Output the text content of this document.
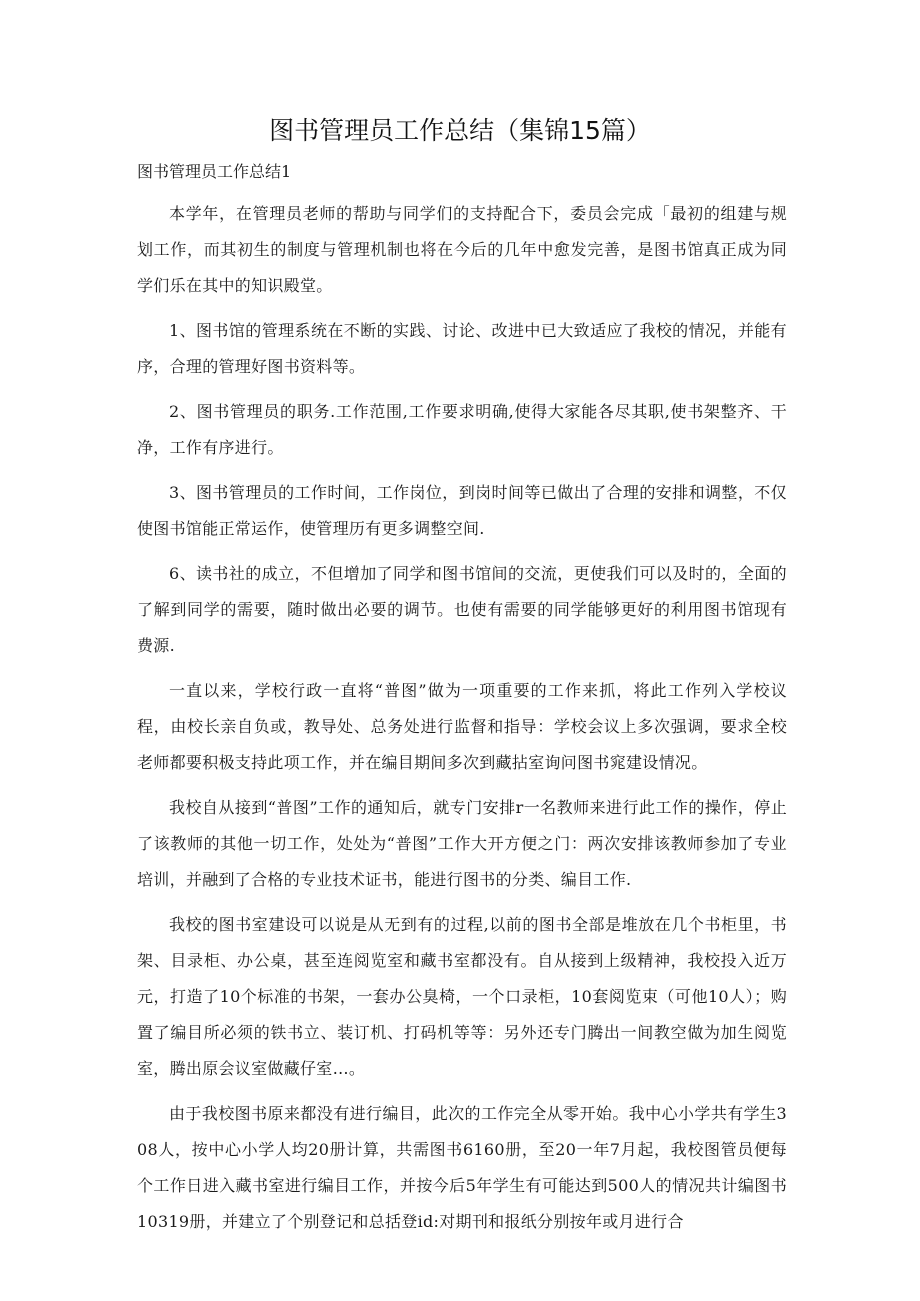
图书管理员工作总结（集锦15篇）
图书管理员工作总结1

本学年，在管理员老师的帮助与同学们的支持配合下，委员会完成「最初的组建与规划工作，而其初生的制度与管理机制也将在今后的几年中愈发完善，是图书馆真正成为同学们乐在其中的知识殿堂。

1、图书馆的管理系统在不断的实践、讨论、改进中已大致适应了我校的情况，并能有序，合理的管理好图书资料等。

2、图书管理员的职务.工作范围,工作要求明确,使得大家能各尽其职,使书架整齐、干净，工作有序进行。

3、图书管理员的工作时间，工作岗位，到岗时间等已做出了合理的安排和调整，不仅使图书馆能正常运作，使管理历有更多调整空间.

6、读书社的成立，不但增加了同学和图书馆间的交流，更使我们可以及时的，全面的了解到同学的需要，随时做出必要的调节。也使有需要的同学能够更好的利用图书馆现有费源.

一直以来，学校行政一直将“普图”做为一项重要的工作来抓，将此工作列入学校议程，由校长亲自负或，教导处、总务处进行监督和指导：学校会议上多次强调，要求全校老师都要积极支持此项工作，并在编目期间多次到藏拈室询问图书窕建设情况。

我校自从接到“普图”工作的通知后，就专门安排r一名教师来进行此工作的操作，停止了该教师的其他一切工作，处处为“普图”工作大开方便之门：两次安排该教师参加了专业培训，并融到了合格的专业技术证书，能进行图书的分类、编目工作.

我校的图书室建设可以说是从无到有的过程,以前的图书全部是堆放在几个书柜里，书架、目录柜、办公桌，甚至连阅览室和藏书室都没有。自从接到上级精神，我校投入近万元，打造了10个标准的书架，一套办公臭椅，一个口录柜，10套阅览束（可他10人）；购置了编目所必须的铁书立、装订机、打码机等等：另外还专门腾出一间教空做为加生阅览室，腾出原会议室做藏仔室…。

由于我校图书原来都没有进行编目，此次的工作完全从零开始。我中心小学共有学生308人，按中心小学人均20册计算，共需图书6160册，至20一年7月起，我校图管员便每个工作日进入藏书室进行编目工作，并按今后5年学生有可能达到500人的情况共计编图书10319册，并建立了个别登记和总括登id:对期刊和报纸分别按年或月进行合
